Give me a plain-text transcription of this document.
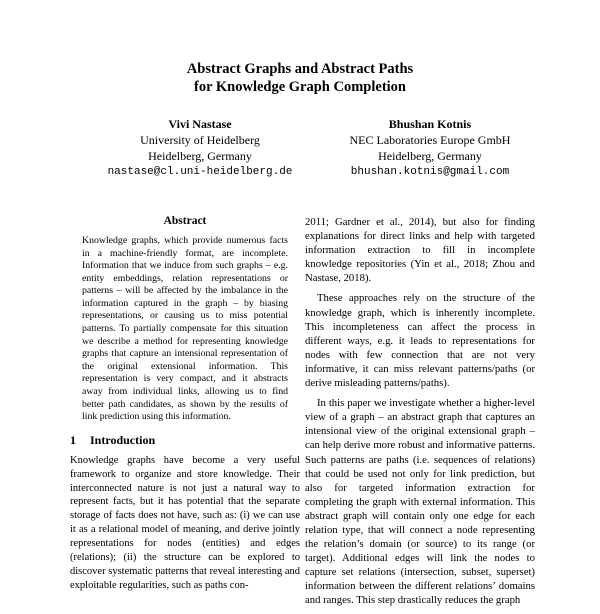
Abstract Graphs and Abstract Paths
for Knowledge Graph Completion
Vivi Nastase
University of Heidelberg
Heidelberg, Germany
nastase@cl.uni-heidelberg.de
Bhushan Kotnis
NEC Laboratories Europe GmbH
Heidelberg, Germany
bhushan.kotnis@gmail.com
Abstract
Knowledge graphs, which provide numerous facts in a machine-friendly format, are incomplete. Information that we induce from such graphs – e.g. entity embeddings, relation representations or patterns – will be affected by the imbalance in the information captured in the graph – by biasing representations, or causing us to miss potential patterns. To partially compensate for this situation we describe a method for representing knowledge graphs that capture an intensional representation of the original extensional information. This representation is very compact, and it abstracts away from individual links, allowing us to find better path candidates, as shown by the results of link prediction using this information.
1 Introduction

Knowledge graphs have become a very useful framework to organize and store knowledge. Their interconnected nature is not just a natural way to represent facts, but it has potential that the separate storage of facts does not have, such as: (i) we can use it as a relational model of meaning, and derive jointly representations for nodes (entities) and edges (relations); (ii) the structure can be explored to discover systematic patterns that reveal interesting and exploitable regularities, such as paths con-

2011; Gardner et al., 2014), but also for finding explanations for direct links and help with targeted information extraction to fill in incomplete knowledge repositories (Yin et al., 2018; Zhou and Nastase, 2018).

These approaches rely on the structure of the knowledge graph, which is inherently incomplete. This incompleteness can affect the process in different ways, e.g. it leads to representations for nodes with few connection that are not very informative, it can miss relevant patterns/paths (or derive misleading patterns/paths).

In this paper we investigate whether a higher-level view of a graph – an abstract graph that captures an intensional view of the original extensional graph – can help derive more robust and informative patterns. Such patterns are paths (i.e. sequences of relations) that could be used not only for link prediction, but also for targeted information extraction for completing the graph with external information. This abstract graph will contain only one edge for each relation type, that will connect a node representing the relation’s domain (or source) to its range (or target). Additional edges will link the nodes to capture set relations (intersection, subset, superset) information between the different relations’ domains and ranges. This step drastically reduces the graph
